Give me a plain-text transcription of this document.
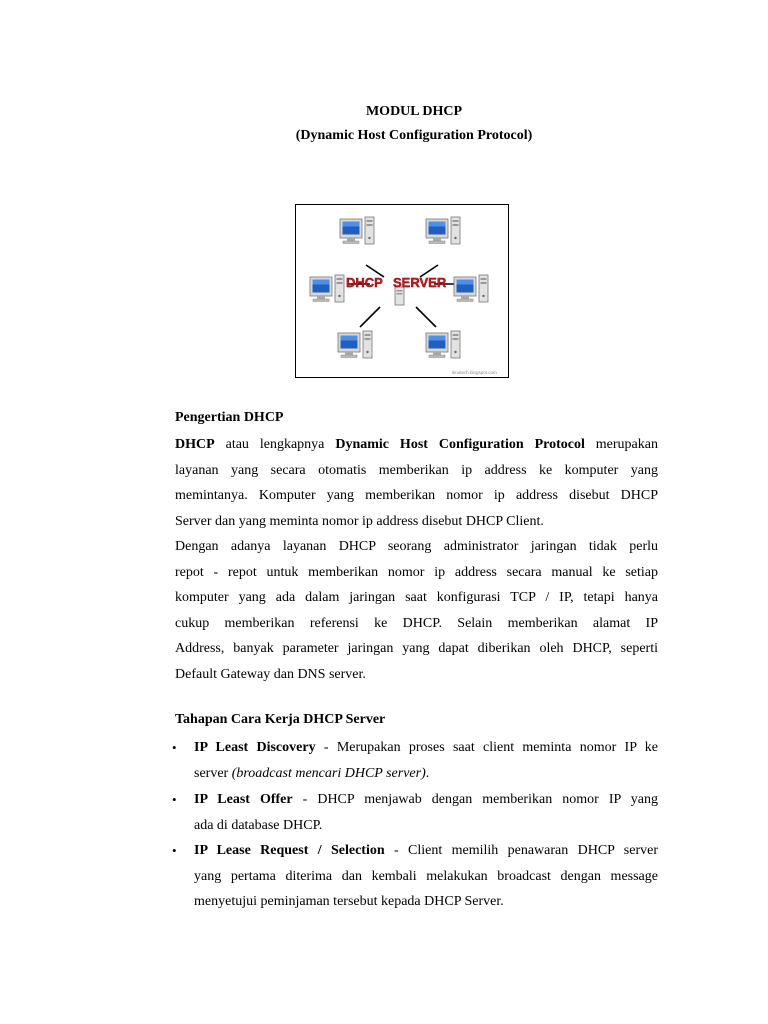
MODUL DHCP
(Dynamic Host Configuration Protocol)
DHCP SERVER
ilmutech.blogspot.com
Pengertian DHCP
DHCP atau lengkapnya Dynamic Host Configuration Protocol merupakan
layanan yang secara otomatis memberikan ip address ke komputer yang
memintanya. Komputer yang memberikan nomor ip address disebut DHCP
Server dan yang meminta nomor ip address disebut DHCP Client.
Dengan adanya layanan DHCP seorang administrator jaringan tidak perlu
repot - repot untuk memberikan nomor ip address secara manual ke setiap
komputer yang ada dalam jaringan saat konfigurasi TCP / IP, tetapi hanya
cukup memberikan referensi ke DHCP. Selain memberikan alamat IP
Address, banyak parameter jaringan yang dapat diberikan oleh DHCP, seperti
Default Gateway dan DNS server.
Tahapan Cara Kerja DHCP Server
•	IP Least Discovery - Merupakan proses saat client meminta nomor IP ke
server (broadcast mencari DHCP server).
•	IP Least Offer - DHCP menjawab dengan memberikan nomor IP yang
ada di database DHCP.
•	IP Lease Request / Selection - Client memilih penawaran DHCP server
yang pertama diterima dan kembali melakukan broadcast dengan message
menyetujui peminjaman tersebut kepada DHCP Server.
